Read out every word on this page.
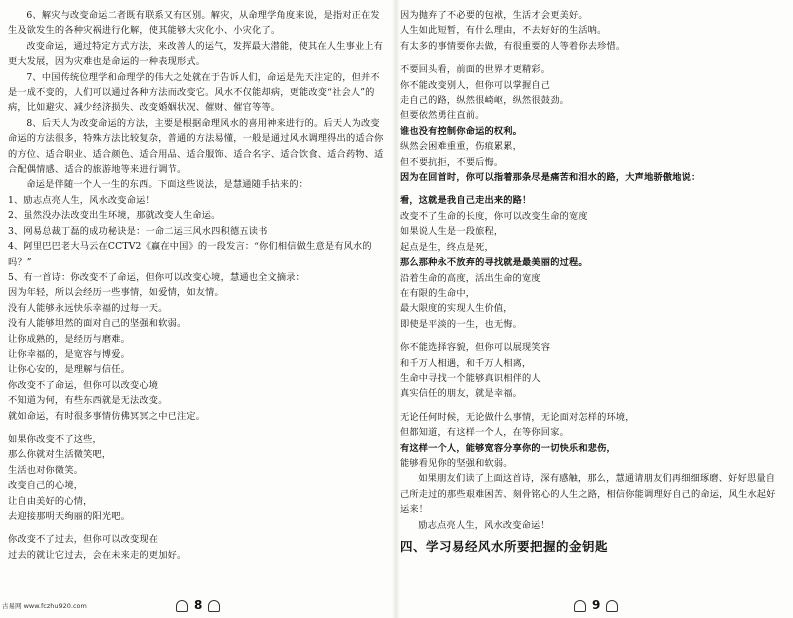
6、解灾与改变命运二者既有联系又有区别。解灾，从命理学角度来说，是指对正在发生及欲发生的各种灾祸进行化解，使其能够大灾化小、小灾化了。

改变命运，通过特定方式方法，来改善人的运气，发挥最大潜能，使其在人生事业上有更大发展，因为灾难也是命运的一种表现形式。

7、中国传统位理学和命理学的伟大之处就在于告诉人们，命运是先天注定的，但并不是一成不变的，人们可以通过各种方法而改变它。风水不仅能却病，更能改变“社会人”的病，比如避灾、减少经济损失、改变婚姻状况、催财、催官等等。

8、后天人为改变命运的方法，主要是根据命理风水的喜用神来进行的。后天人为改变命运的方法很多，特殊方法比较复杂，普通的方法易懂，一般是通过风水调理得出的适合你的方位、适合职业、适合颜色、适合用品、适合服饰、适合名字、适合饮食、适合药物、适合配偶情感、适合的旅游地等来进行调节。

命运是伴随一个人一生的东西。下面这些说法，是慧通随手拈来的：

1、励志点亮人生，风水改变命运！

2、虽然没办法改变出生环境，那就改变人生命运。

3、网易总裁丁磊的成功秘诀是：一命二运三风水四积德五读书

4、阿里巴巴老大马云在CCTV2《赢在中国》的一段发言：“你们相信做生意是有风水的吗？”

5、有一首诗：你改变不了命运，但你可以改变心境，慧通也全文摘录：

因为年轻，所以会经历一些事情，如爱情，如友情。

没有人能够永远快乐幸福的过每一天。

没有人能够坦然的面对自己的坚强和软弱。

让你成熟的，是经历与磨难。

让你幸福的，是宽容与博爱。

让你心安的，是理解与信任。

你改变不了命运，但你可以改变心境

不知道为何，有些东西就是无法改变。

就如命运，有时很多事情仿佛冥冥之中已注定。

如果你改变不了这些，

那么你就对生活微笑吧，

生活也对你微笑。

改变自己的心境，

让自由美好的心情，

去迎接那明天绚丽的阳光吧。

你改变不了过去，但你可以改变现在

过去的就让它过去，会在未来走的更加好。

8

因为抛弃了不必要的包袱，生活才会更美好。

人生如此短暂，有什么理由，不去好好的生活呐。

有太多的事情要你去做，有很重要的人等着你去珍惜。

不要回头看，前面的世界才更精彩。

你不能改变别人，但你可以掌握自己

走自己的路，纵然很崎岖，纵然很鼓劲。

但要依然勇往直前。

谁也没有控制你命运的权利。

纵然会困难重重，伤痕累累，

但不要抗拒，不要后悔。

因为在回首时，你可以指着那条尽是痛苦和泪水的路，大声地骄傲地说：

看，这就是我自己走出来的路！

改变不了生命的长度，你可以改变生命的宽度

如果说人生是一段旅程，

起点是生，终点是死，

那么那种永不放弃的寻找就是最美丽的过程。

沿着生命的高度，活出生命的宽度

在有限的生命中，

最大限度的实现人生价值，

即使是平淡的一生，也无悔。

你不能选择容貌，但你可以展现笑容

和千万人相遇，和千万人相离，

生命中寻找一个能够真识相伴的人

真实信任的朋友，就是幸福。

无论任何时候，无论做什么事情，无论面对怎样的环境，

但都知道，有这样一个人，在等你回家。

有这样一个人，能够宽容分享你的一切快乐和悲伤，

能够看见你的坚强和软弱。

如果朋友们读了上面这首诗，深有感触，那么，慧通请朋友们再细细琢磨、好好思量自己所走过的那些艰难困苦、刻骨铭心的人生之路，相信你能调理好自己的命运，风生水起好运来！

励志点亮人生，风水改变命运！

四、学习易经风水所要把握的金钥匙
9
古易网 www.fczhu920.com
